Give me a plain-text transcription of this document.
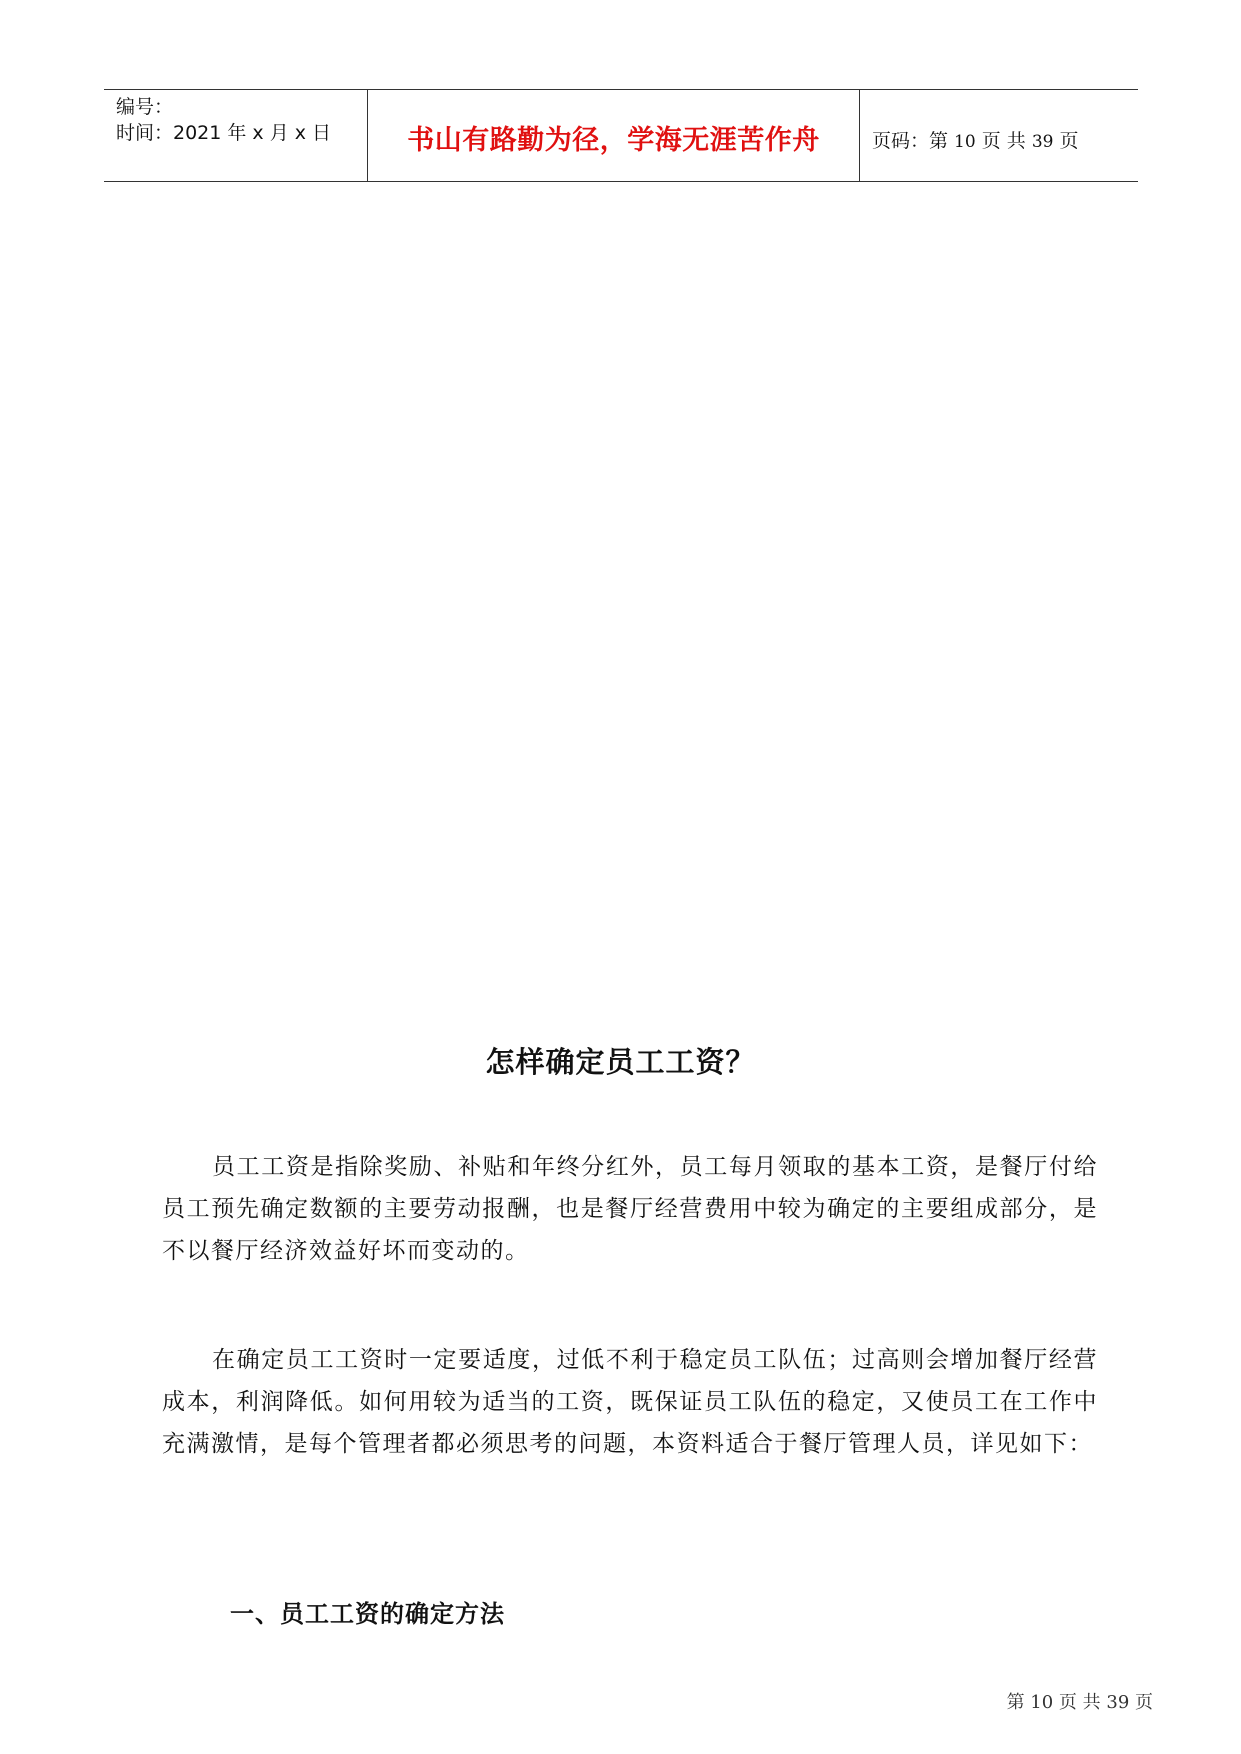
编号：
时间：2021 年 x 月 x 日	书山有路勤为径，学海无涯苦作舟	页码：第 10 页 共 39 页
怎样确定员工工资？
员工工资是指除奖励、补贴和年终分红外，员工每月领取的基本工资，是餐厅付给员工预先确定数额的主要劳动报酬，也是餐厅经营费用中较为确定的主要组成部分，是不以餐厅经济效益好坏而变动的。
在确定员工工资时一定要适度，过低不利于稳定员工队伍；过高则会增加餐厅经营成本，利润降低。如何用较为适当的工资，既保证员工队伍的稳定，又使员工在工作中充满激情，是每个管理者都必须思考的问题，本资料适合于餐厅管理人员，详见如下：
一、员工工资的确定方法
第 10 页 共 39 页
